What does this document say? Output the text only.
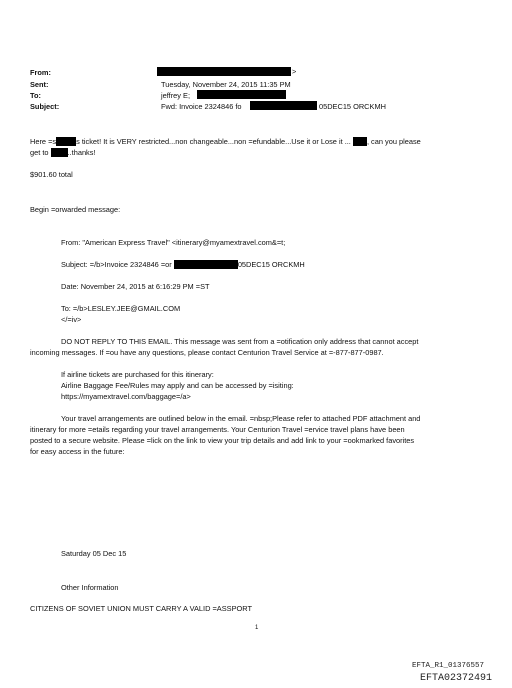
From:	>
Sent:	Tuesday, November 24, 2015 11:35 PM
To:	jeffrey E;
Subject:	Fwd: Invoice 2324846 fo	05DEC15 ORCKMH
Here =s	s ticket! It is VERY restricted...non changeable...non =efundable...Use it or Lose it ... , can you please
get to	..thanks!
$901.60 total
Begin =orwarded message:
From: "American Express Travel" <itinerary@myamextravel.com&=t;
Subject: =/b>Invoice 2324846 =or	05DEC15 ORCKMH
Date: November 24, 2015 at 6:16:29 PM =ST
To: =/b>LESLEY.JEE@GMAIL.COM
</=iv>
DO NOT REPLY TO THIS EMAIL. This message was sent from a =otification only address that cannot accept
incoming messages. If =ou have any questions, please contact Centurion Travel Service at =-877-877-0987.
If airline tickets are purchased for this itinerary:
Airline Baggage Fee/Rules may apply and can be accessed by =isiting:
https://myamextravel.com/baggage=/a>
Your travel arrangements are outlined below in the email. =nbsp;Please refer to attached PDF attachment and
itinerary for more =etails regarding your travel arrangements. Your Centurion Travel =ervice travel plans have been
posted to a secure website. Please =lick on the link to view your trip details and add link to your =ookmarked favorites
for easy access in the future:
Saturday 05 Dec 15
Other Information
CITIZENS OF SOVIET UNION MUST CARRY A VALID =ASSPORT
1
EFTA_R1_01376557
EFTA02372491
